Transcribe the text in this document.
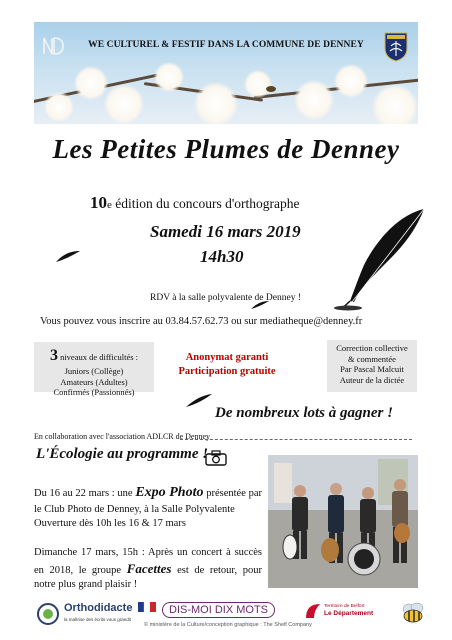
WE CULTUREL & FESTIF DANS LA COMMUNE DE DENNEY
Les Petites Plumes de Denney
10e édition du concours d'orthographe
Samedi 16 mars 2019
14h30
RDV à la salle polyvalente de Denney !
Vous pouvez vous inscrire au 03.84.57.62.73 ou sur mediatheque@denney.fr
3 niveaux de difficultés :
Juniors (Collège)
Amateurs (Adultes)
Confirmés (Passionnés)
Anonymat garanti
Participation gratuite
Correction collective
& commentée
Par Pascal Malcuit
Auteur de la dictée
De nombreux lots à gagner !
En collaboration avec l'association ADLCR de Denney
L'Écologie au programme !
Du 16 au 22 mars : une Expo Photo présentée par le Club Photo de Denney, à la Salle Polyvalente
Ouverture dès 10h les 16 & 17 mars
Dimanche 17 mars, 15h : Après un concert à succès en 2018, le groupe Facettes est de retour, pour notre plus grand plaisir !
Orthodidacte
la maîtrise des écrits vous grandit
DIS-MOI DIX MOTS	Territoire de Belfort
Le Département
© ministère de la Culture/conception graphique : The Shelf Company
